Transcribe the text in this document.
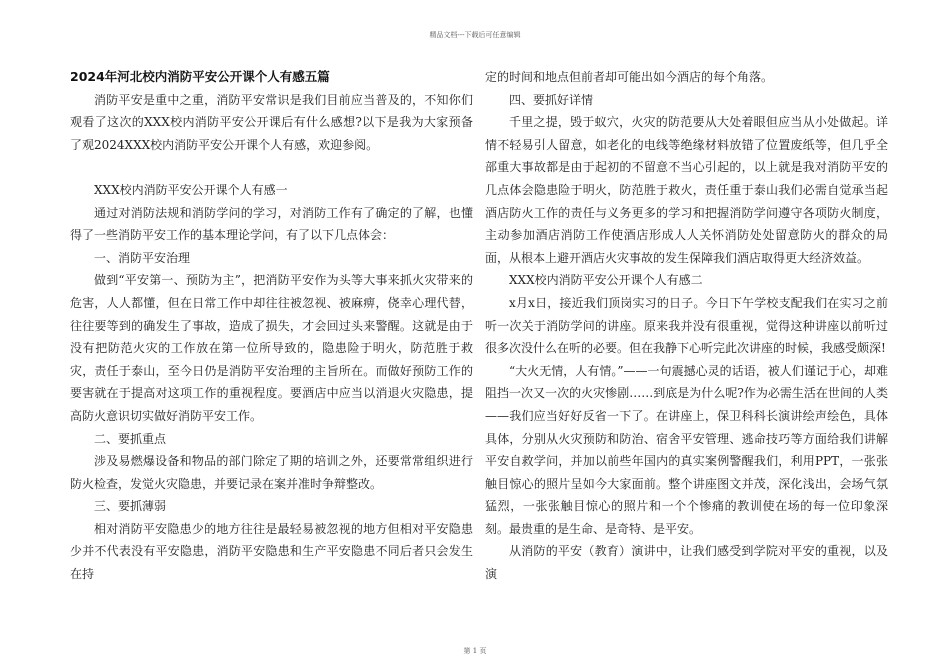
精品文档---下载后可任意编辑
2024年河北校内消防平安公开课个人有感五篇

消防平安是重中之重，消防平安常识是我们目前应当普及的，不知你们观看了这次的XXX校内消防平安公开课后有什么感想?以下是我为大家预备了观2024XXX校内消防平安公开课个人有感，欢迎参阅。

XXX校内消防平安公开课个人有感一

通过对消防法规和消防学问的学习，对消防工作有了确定的了解，也懂得了一些消防平安工作的基本理论学问，有了以下几点体会：

一、消防平安治理

做到“平安第一、预防为主”，把消防平安作为头等大事来抓火灾带来的危害，人人都懂，但在日常工作中却往往被忽视、被麻痹，侥幸心理代替，往往要等到的确发生了事故，造成了损失，才会回过头来警醒。这就是由于没有把防范火灾的工作放在第一位所导致的，隐患险于明火，防范胜于救灾，责任于泰山，至今日仍是消防平安治理的主旨所在。而做好预防工作的要害就在于提高对这项工作的重视程度。要酒店中应当以消退火灾隐患，提高防火意识切实做好消防平安工作。

二、要抓重点

涉及易燃爆设备和物品的部门除定了期的培训之外，还要常常组织进行防火检查，发觉火灾隐患，并要记录在案并准时争辩整改。

三、要抓薄弱

相对消防平安隐患少的地方往往是最轻易被忽视的地方但相对平安隐患少并不代表没有平安隐患，消防平安隐患和生产平安隐患不同后者只会发生在持

定的时间和地点但前者却可能出如今酒店的每个角落。

四、要抓好详情

千里之提，毁于蚁穴，火灾的防范要从大处着眼但应当从小处做起。详情不轻易引人留意，如老化的电线等绝缘材料放错了位置废纸等，但几乎全部重大事故都是由于起初的不留意不当心引起的，以上就是我对消防平安的几点体会隐患险于明火，防范胜于救火，责任重于泰山我们必需自觉承当起酒店防火工作的责任与义务更多的学习和把握消防学问遵守各项防火制度，主动参加酒店消防工作使酒店形成人人关怀消防处处留意防火的群众的局面，从根本上避开酒店火灾事故的发生保障我们酒店取得更大经济效益。

XXX校内消防平安公开课个人有感二

x月x日，接近我们顶岗实习的日子。今日下午学校支配我们在实习之前听一次关于消防学问的讲座。原来我并没有很重视，觉得这种讲座以前听过很多次没什么在听的必要。但在我静下心听完此次讲座的时候，我感受颇深!

“大火无情，人有情。”——一句震撼心灵的话语，被人们谨记于心，却难阻挡一次又一次的火灾惨剧……到底是为什么呢?作为必需生活在世间的人类——我们应当好好反省一下了。在讲座上，保卫科科长演讲绘声绘色，具体具体，分别从火灾预防和防治、宿舍平安管理、逃命技巧等方面给我们讲解平安自救学问，并加以前些年国内的真实案例警醒我们，利用PPT，一张张触目惊心的照片呈如今大家面前。整个讲座图文并茂，深化浅出，会场气氛猛烈，一张张触目惊心的照片和一个个惨痛的教训使在场的每一位印象深刻。最贵重的是生命、是奇特、是平安。

从消防的平安（教育）演讲中，让我们感受到学院对平安的重视，以及演

第 1 页
